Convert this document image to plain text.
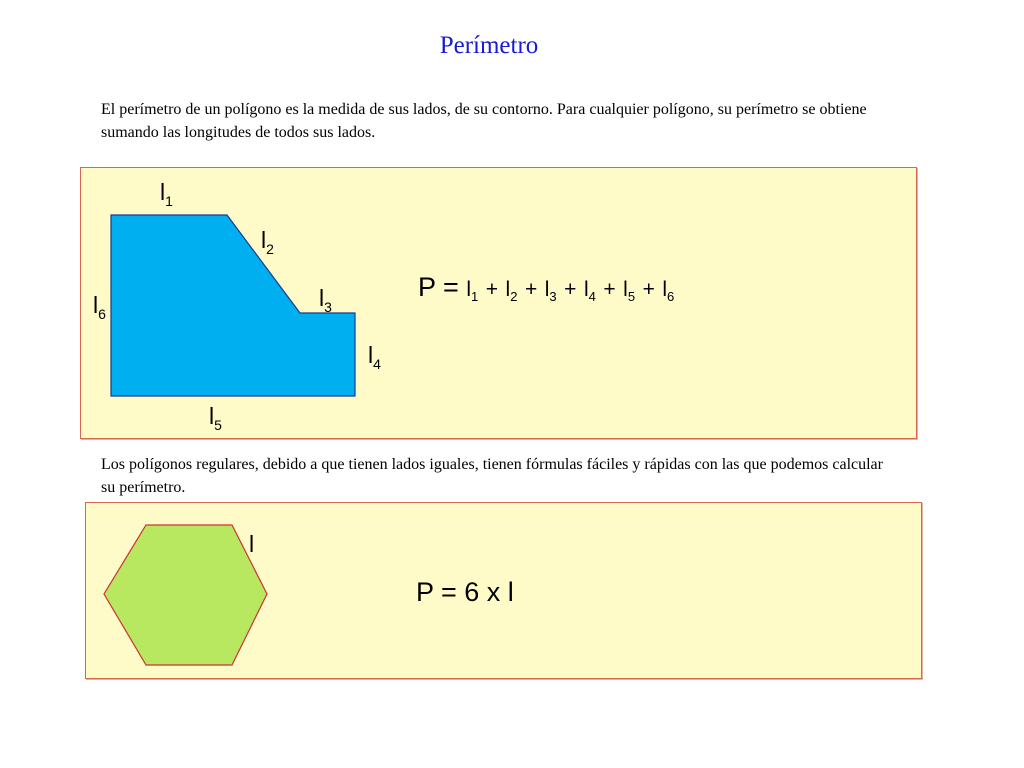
Perímetro
El perímetro de un polígono es la medida de sus lados, de su contorno. Para cualquier polígono, su perímetro se obtiene sumando las longitudes de todos sus lados.
$l_1$
$l_2$
$l_3$
$l_4$
$l_5$
$l_6$
$P = l_1 + l_2 + l_3 + l_4 + l_5 + l_6$
Los polígonos regulares, debido a que tienen lados iguales, tienen fórmulas fáciles y rápidas con las que podemos calcular su perímetro.
l
P = 6 x l
